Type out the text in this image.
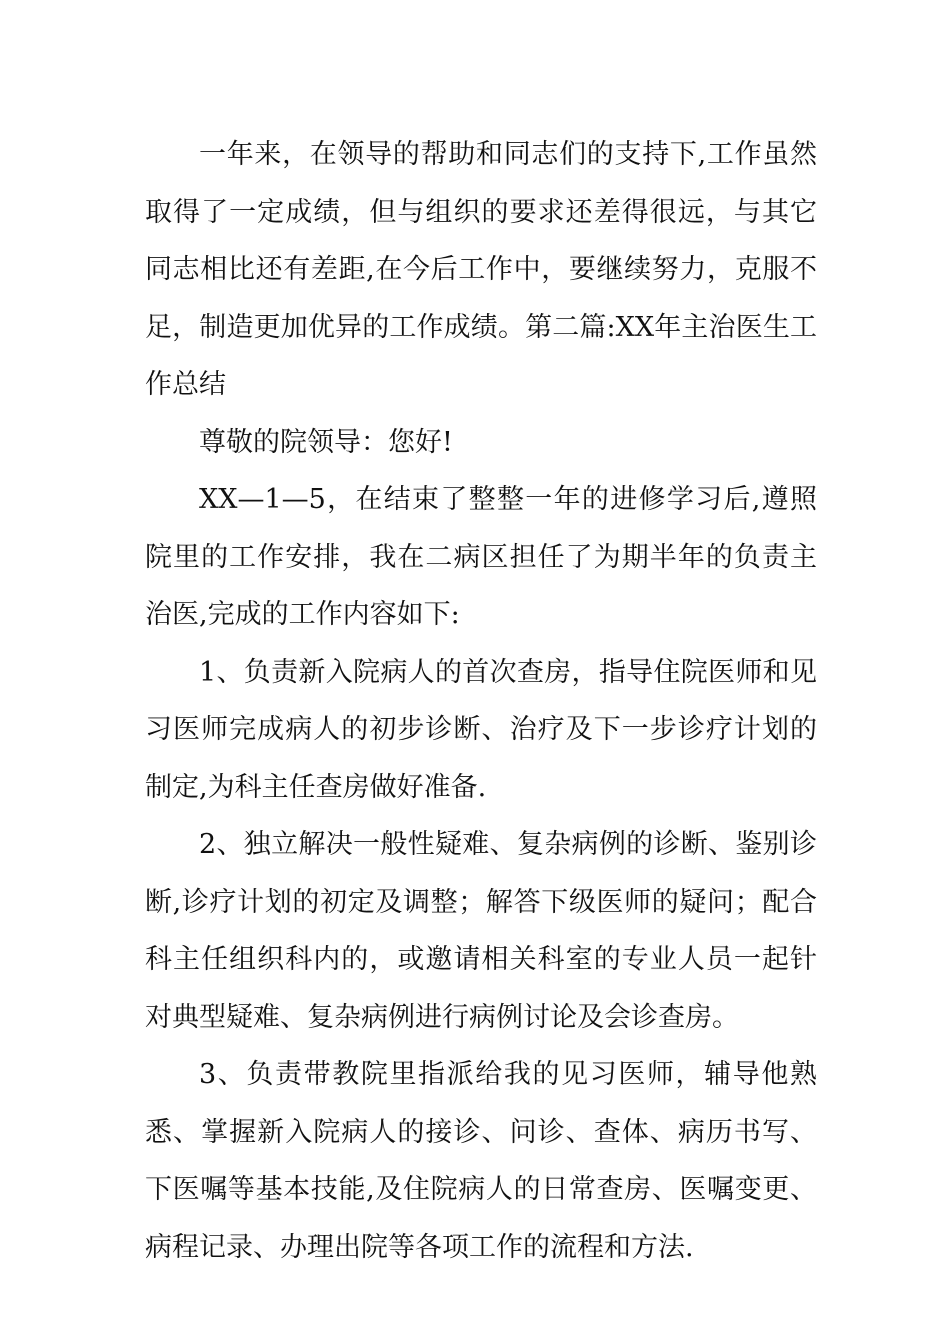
一年来，在领导的帮助和同志们的支持下,工作虽然取得了一定成绩，但与组织的要求还差得很远，与其它同志相比还有差距,在今后工作中，要继续努力，克服不足，制造更加优异的工作成绩。第二篇:XX年主治医生工作总结

尊敬的院领导：您好!

XX—1—5，在结束了整整一年的进修学习后,遵照院里的工作安排，我在二病区担任了为期半年的负责主治医,完成的工作内容如下:

1、负责新入院病人的首次查房，指导住院医师和见习医师完成病人的初步诊断、治疗及下一步诊疗计划的制定,为科主任查房做好准备.

2、独立解决一般性疑难、复杂病例的诊断、鉴别诊断,诊疗计划的初定及调整；解答下级医师的疑问；配合科主任组织科内的，或邀请相关科室的专业人员一起针对典型疑难、复杂病例进行病例讨论及会诊查房。

3、负责带教院里指派给我的见习医师，辅导他熟悉、掌握新入院病人的接诊、问诊、查体、病历书写、下医嘱等基本技能,及住院病人的日常查房、医嘱变更、病程记录、办理出院等各项工作的流程和方法.
